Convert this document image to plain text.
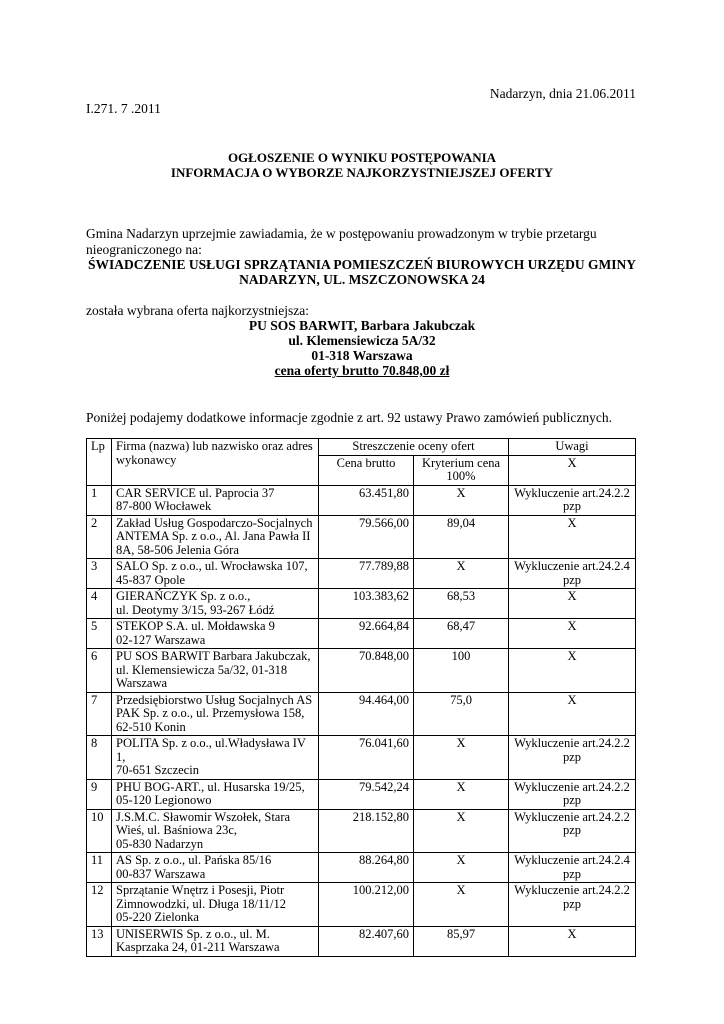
Nadarzyn, dnia 21.06.2011
I.271. 7 .2011
OGŁOSZENIE O WYNIKU POSTĘPOWANIA
INFORMACJA O WYBORZE NAJKORZYSTNIEJSZEJ OFERTY
Gmina Nadarzyn uprzejmie zawiadamia, że w postępowaniu prowadzonym w trybie przetargu nieograniczonego na:
ŚWIADCZENIE USŁUGI SPRZĄTANIA POMIESZCZEŃ BIUROWYCH URZĘDU GMINY
NADARZYN, UL. MSZCZONOWSKA 24
została wybrana oferta najkorzystniejsza:
PU SOS BARWIT, Barbara Jakubczak
ul. Klemensiewicza 5A/32
01-318 Warszawa
cena oferty brutto 70.848,00 zł
Poniżej podajemy dodatkowe informacje zgodnie z art. 92 ustawy Prawo zamówień publicznych.
Lp	Firma (nazwa) lub nazwisko oraz adres wykonawcy	Streszczenie oceny ofert		Uwagi
		Cena brutto	Kryterium cena 100%	X
1	CAR SERVICE ul. Paprocia 37
87-800 Włocławek	63.451,80	X	Wykluczenie art.24.2.2 pzp
2	Zakład Usług Gospodarczo-Socjalnych ANTEMA Sp. z o.o., Al. Jana Pawła II 8A, 58-506 Jelenia Góra	79.566,00	89,04	X
3	SALO Sp. z o.o., ul. Wrocławska 107,
45-837 Opole	77.789,88	X	Wykluczenie art.24.2.4 pzp
4	GIERAŃCZYK Sp. z o.o.,
ul. Deotymy 3/15, 93-267 Łódź	103.383,62	68,53	X
5	STEKOP S.A. ul. Mołdawska 9
02-127 Warszawa	92.664,84	68,47	X
6	PU SOS BARWIT Barbara Jakubczak,
ul. Klemensiewicza 5a/32, 01-318
Warszawa	70.848,00	100	X
7	Przedsiębiorstwo Usług Socjalnych AS PAK Sp. z o.o., ul. Przemysłowa 158,
62-510 Konin	94.464,00	75,0	X
8	POLITA Sp. z o.o., ul.Władysława IV 1,
70-651 Szczecin	76.041,60	X	Wykluczenie art.24.2.2 pzp
9	PHU BOG-ART., ul. Husarska 19/25,
05-120 Legionowo	79.542,24	X	Wykluczenie art.24.2.2 pzp
10	J.S.M.C. Sławomir Wszołek, Stara Wieś, ul. Baśniowa 23c,
05-830 Nadarzyn	218.152,80	X	Wykluczenie art.24.2.2 pzp
11	AS Sp. z o.o., ul. Pańska 85/16
00-837 Warszawa	88.264,80	X	Wykluczenie art.24.2.4 pzp
12	Sprzątanie Wnętrz i Posesji, Piotr Zimnowodzki, ul. Długa 18/11/12
05-220 Zielonka	100.212,00	X	Wykluczenie art.24.2.2 pzp
13	UNISERWIS Sp. z o.o., ul. M. Kasprzaka 24, 01-211 Warszawa	82.407,60	85,97	X
